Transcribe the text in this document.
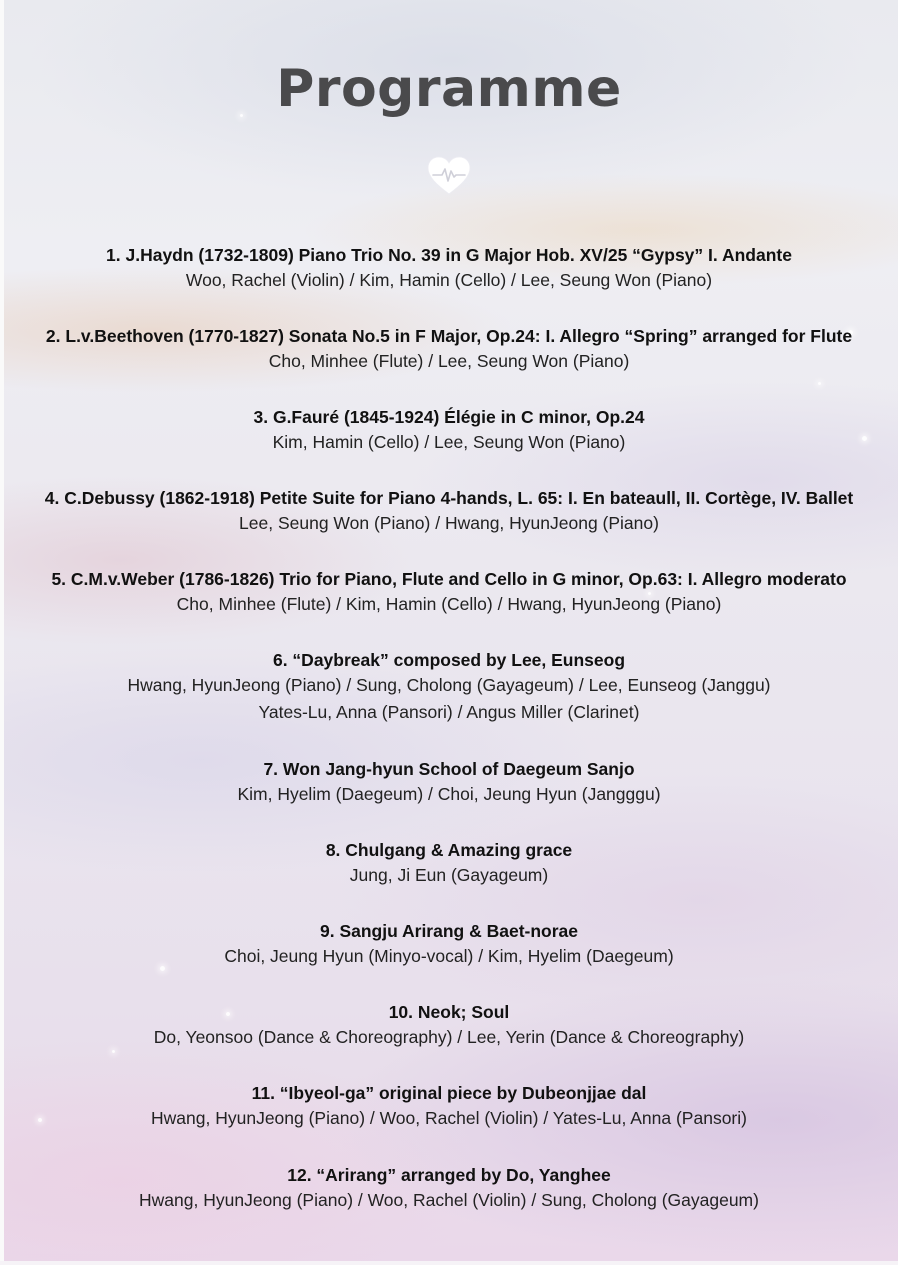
Programme
1. J.Haydn (1732-1809) Piano Trio No. 39 in G Major Hob. XV/25 “Gypsy” I. Andante
Woo, Rachel (Violin) / Kim, Hamin (Cello) / Lee, Seung Won (Piano)
2. L.v.Beethoven (1770-1827) Sonata No.5 in F Major, Op.24: I. Allegro “Spring” arranged for Flute
Cho, Minhee (Flute) / Lee, Seung Won (Piano)
3. G.Fauré (1845-1924) Élégie in C minor, Op.24
Kim, Hamin (Cello) / Lee, Seung Won (Piano)
4. C.Debussy (1862-1918) Petite Suite for Piano 4-hands, L. 65: I. En bateaull, II. Cortège, IV. Ballet
Lee, Seung Won (Piano) / Hwang, HyunJeong (Piano)
5. C.M.v.Weber (1786-1826) Trio for Piano, Flute and Cello in G minor, Op.63: I. Allegro moderato
Cho, Minhee (Flute) / Kim, Hamin (Cello) / Hwang, HyunJeong (Piano)
6. “Daybreak” composed by Lee, Eunseog
Hwang, HyunJeong (Piano) / Sung, Cholong (Gayageum) / Lee, Eunseog (Janggu)
Yates-Lu, Anna (Pansori) / Angus Miller (Clarinet)
7. Won Jang-hyun School of Daegeum Sanjo
Kim, Hyelim (Daegeum) / Choi, Jeung Hyun (Jangggu)
8. Chulgang & Amazing grace
Jung, Ji Eun (Gayageum)
9. Sangju Arirang & Baet-norae
Choi, Jeung Hyun (Minyo-vocal) / Kim, Hyelim (Daegeum)
10. Neok; Soul
Do, Yeonsoo (Dance & Choreography) / Lee, Yerin (Dance & Choreography)
11. “Ibyeol-ga” original piece by Dubeonjjae dal
Hwang, HyunJeong (Piano) / Woo, Rachel (Violin) / Yates-Lu, Anna (Pansori)
12. “Arirang” arranged by Do, Yanghee
Hwang, HyunJeong (Piano) / Woo, Rachel (Violin) / Sung, Cholong (Gayageum)
